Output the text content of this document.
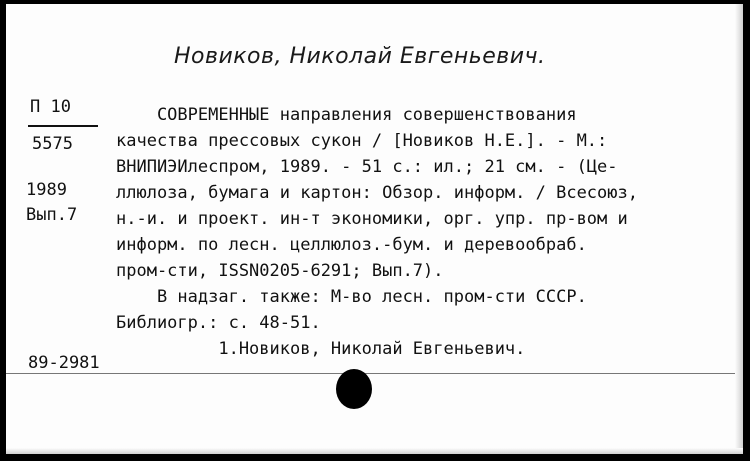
Новиков, Николай Евгеньевич.
П 10
5575
1989
Вып.7
СОВРЕМЕННЫЕ направления совершенствования
качества прессовых сукон / [Новиков Н.Е.]. - М.:
ВНИПИЭИлеспром, 1989. - 51 с.: ил.; 21 см. - (Це-
ллюлоза, бумага и картон: Обзор. информ. / Всесоюз,
н.-и. и проект. ин-т экономики, орг. упр. пр-вом и
информ. по лесн. целлюлоз.-бум. и деревообраб.
пром-сти, ISSN0205-6291; Вып.7).
В надзаг. также: М-во лесн. пром-сти СССР.
Библиогр.: с. 48-51.
1.Новиков, Николай Евгеньевич.
89-2981
